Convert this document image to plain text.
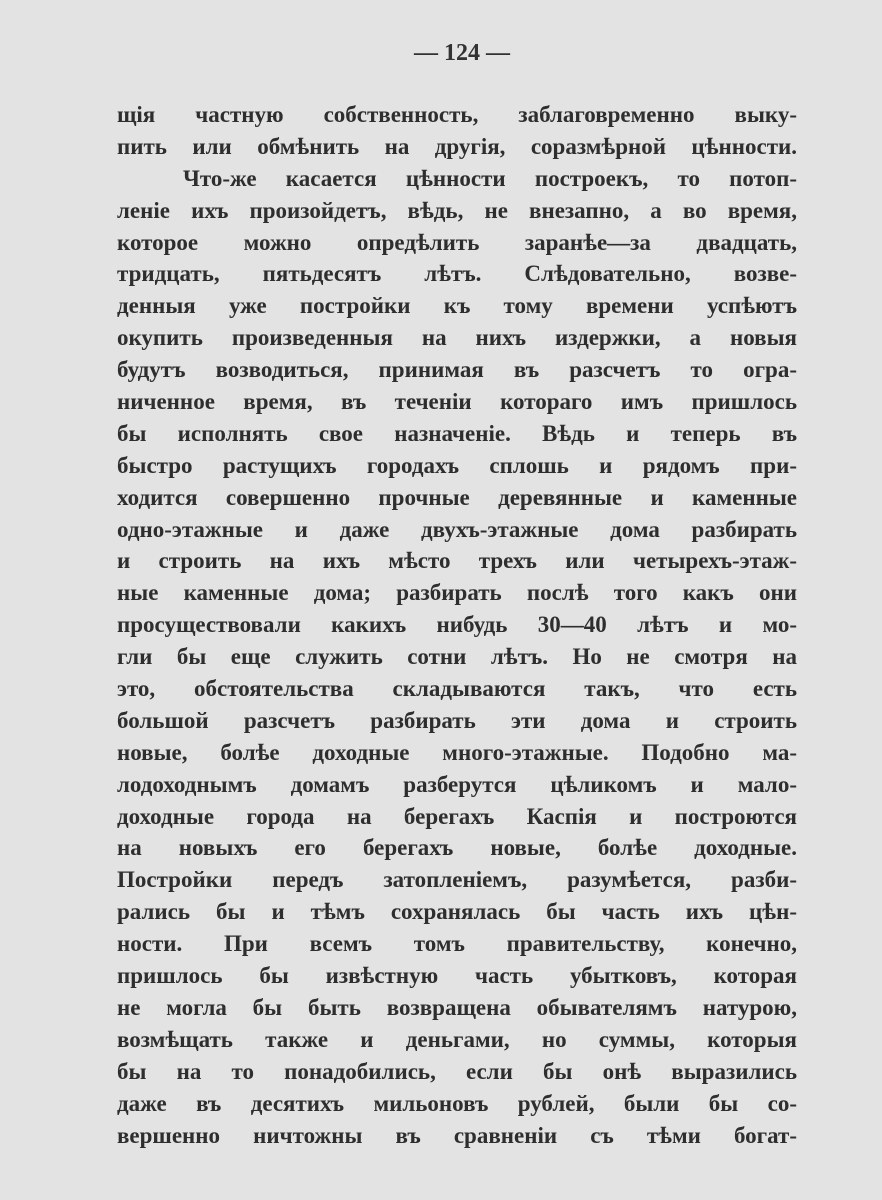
— 124 —
щія частную собственность, заблаговременно выку-
пить или обмѣнить на другія, соразмѣрной цѣнности.
Что-же касается цѣнности построекъ, то потоп-
леніе ихъ произойдетъ, вѣдь, не внезапно, а во время,
которое можно опредѣлить заранѣе—за двадцать,
тридцать, пятьдесятъ лѣтъ. Слѣдовательно, возве-
денныя уже постройки къ тому времени успѣютъ
окупить произведенныя на нихъ издержки, а новыя
будутъ возводиться, принимая въ разсчетъ то огра-
ниченное время, въ теченіи котораго имъ пришлось
бы исполнять свое назначеніе. Вѣдь и теперь въ
быстро растущихъ городахъ сплошь и рядомъ при-
ходится совершенно прочные деревянные и каменные
одно-этажные и даже двухъ-этажные дома разбирать
и строить на ихъ мѣсто трехъ или четырехъ-этаж-
ные каменные дома; разбирать послѣ того какъ они
просуществовали какихъ нибудь 30—40 лѣтъ и мо-
гли бы еще служить сотни лѣтъ. Но не смотря на
это, обстоятельства складываются такъ, что есть
большой разсчетъ разбирать эти дома и строить
новые, болѣе доходные много-этажные. Подобно ма-
лодоходнымъ домамъ разберутся цѣликомъ и мало-
доходные города на берегахъ Каспія и построются
на новыхъ его берегахъ новые, болѣе доходные.
Постройки передъ затопленіемъ, разумѣется, разби-
рались бы и тѣмъ сохранялась бы часть ихъ цѣн-
ности. При всемъ томъ правительству, конечно,
пришлось бы извѣстную часть убытковъ, которая
не могла бы быть возвращена обывателямъ натурою,
возмѣщать также и деньгами, но суммы, которыя
бы на то понадобились, если бы онѣ выразились
даже въ десятихъ мильоновъ рублей, были бы со-
вершенно ничтожны въ сравненіи съ тѣми богат-
